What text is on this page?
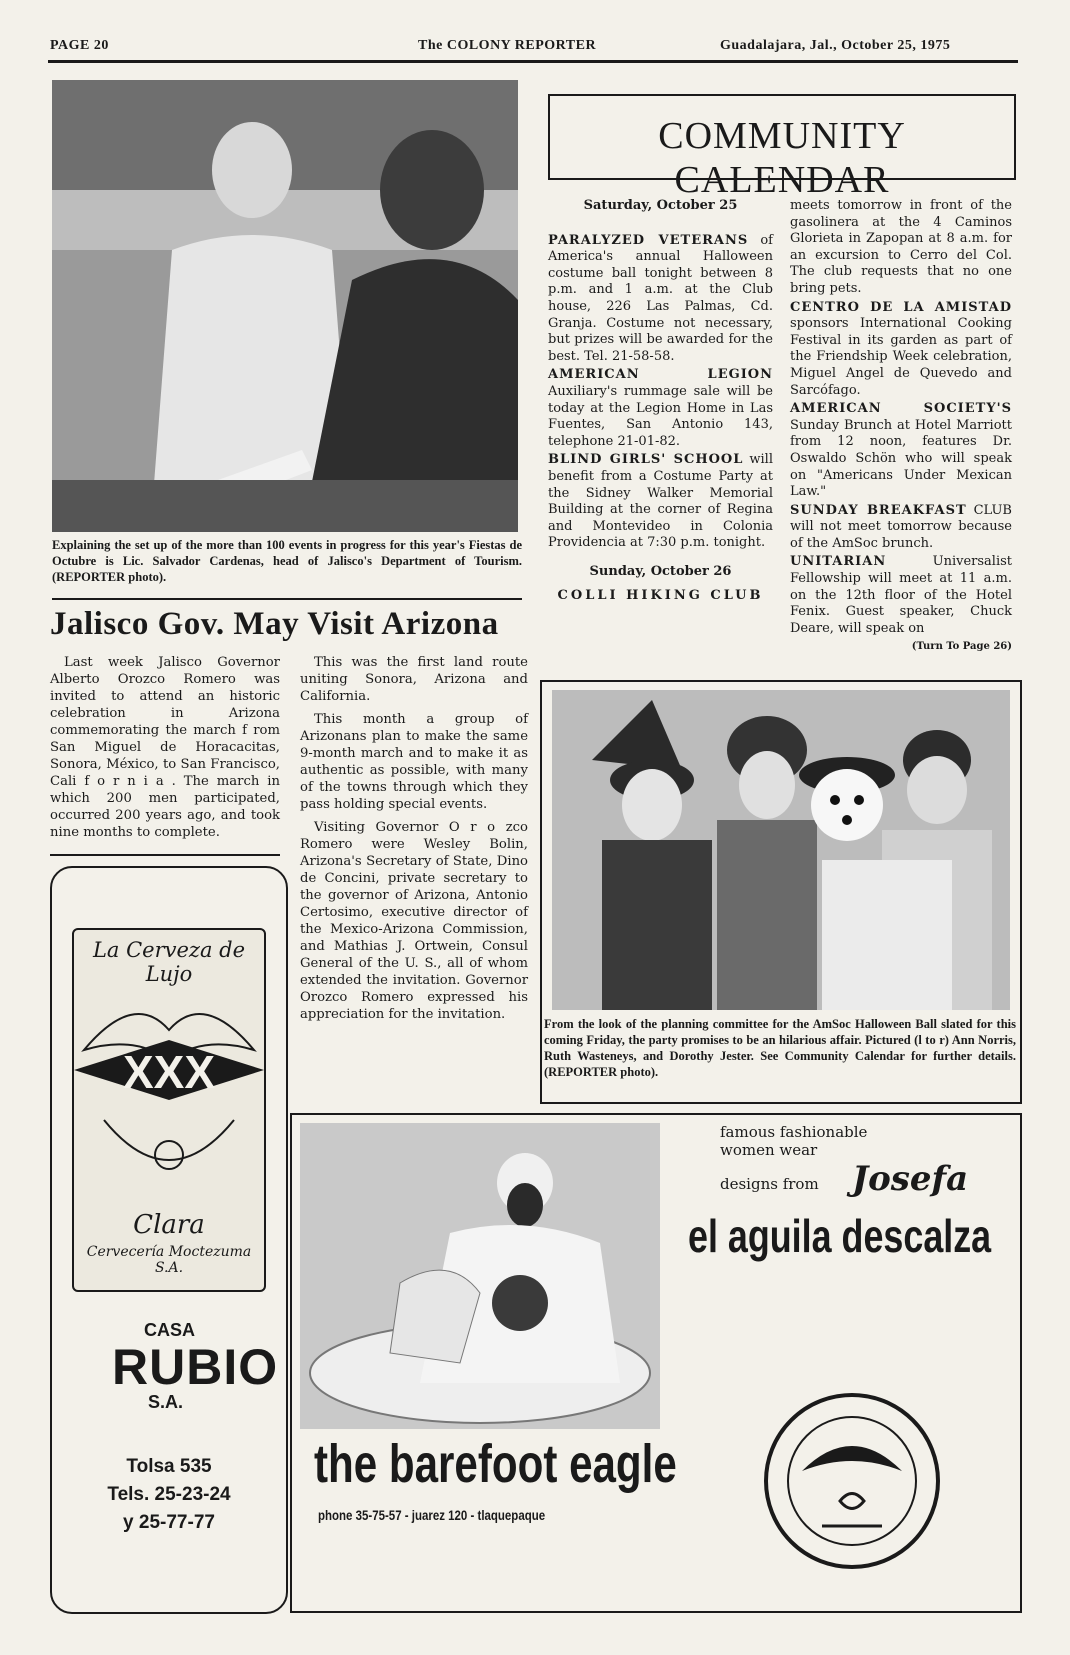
PAGE 20	The COLONY REPORTER	Guadalajara, Jal., October 25, 1975
Explaining the set up of the more than 100 events in progress for this year's Fiestas de Octubre is Lic. Salvador Cardenas, head of Jalisco's Department of Tourism. (REPORTER photo).
Jalisco Gov. May Visit Arizona

Last week Jalisco Governor Alberto Orozco Romero was invited to attend an historic celebration in Arizona commemorating the march f rom San Miguel de Horacacitas, Sonora, México, to San Francisco, Cali f o r n i a . The march in which 200 men participated, occurred 200 years ago, and took nine months to complete.

This was the first land route uniting Sonora, Arizona and California.

This month a group of Arizonans plan to make the same 9-month march and to make it as authentic as possible, with many of the towns through which they pass holding special events.

Visiting Governor O r o zco Romero were Wesley Bolin, Arizona's Secretary of State, Dino de Concini, private secretary to the governor of Arizona, Antonio Certosimo, executive director of the Mexico-Arizona Commission, and Mathias J. Ortwein, Consul General of the U. S., all of whom extended the invitation. Governor Orozco Romero expressed his appreciation for the invitation.

COMMUNITY CALENDAR
Saturday, October 25
PARALYZED VETERANS of America's annual Halloween costume ball tonight between 8 p.m. and 1 a.m. at the Club house, 226 Las Palmas, Cd. Granja. Costume not necessary, but prizes will be awarded for the best. Tel. 21-58-58.
AMERICAN LEGION Auxiliary's rummage sale will be today at the Legion Home in Las Fuentes, San Antonio 143, telephone 21-01-82.
BLIND GIRLS' SCHOOL will benefit from a Costume Party at the Sidney Walker Memorial Building at the corner of Regina and Montevideo in Colonia Providencia at 7:30 p.m. tonight.
Sunday, October 26
COLLI HIKING CLUB
meets tomorrow in front of the gasolinera at the 4 Caminos Glorieta in Zapopan at 8 a.m. for an excursion to Cerro del Col. The club requests that no one bring pets.
CENTRO DE LA AMISTAD sponsors International Cooking Festival in its garden as part of the Friendship Week celebration, Miguel Angel de Quevedo and Sarcófago.
AMERICAN SOCIETY'S Sunday Brunch at Hotel Marriott from 12 noon, features Dr. Oswaldo Schön who will speak on "Americans Under Mexican Law."
SUNDAY BREAKFAST CLUB will not meet tomorrow because of the AmSoc brunch.
UNITARIAN	Universalist Fellowship will meet at 11 a.m. on the 12th floor of the Hotel Fenix. Guest speaker, Chuck Deare, will speak on
(Turn To Page 26)
From the look of the planning committee for the AmSoc Halloween Ball slated for this coming Friday, the party promises to be an hilarious affair. Pictured (l to r) Ann Norris, Ruth Wasteneys, and Dorothy Jester. See Community Calendar for further details. (REPORTER photo).
La Cerveza de Lujo
XXX
Clara
Cervecería Moctezuma S.A.
CASA
RUBIO
S.A.
Tolsa 535
Tels. 25-23-24
y 25-77-77
famous fashionable
women wear
designs from Josefa
el aguila descalza
the barefoot eagle
phone 35-75-57 - juarez 120 - tlaquepaque
